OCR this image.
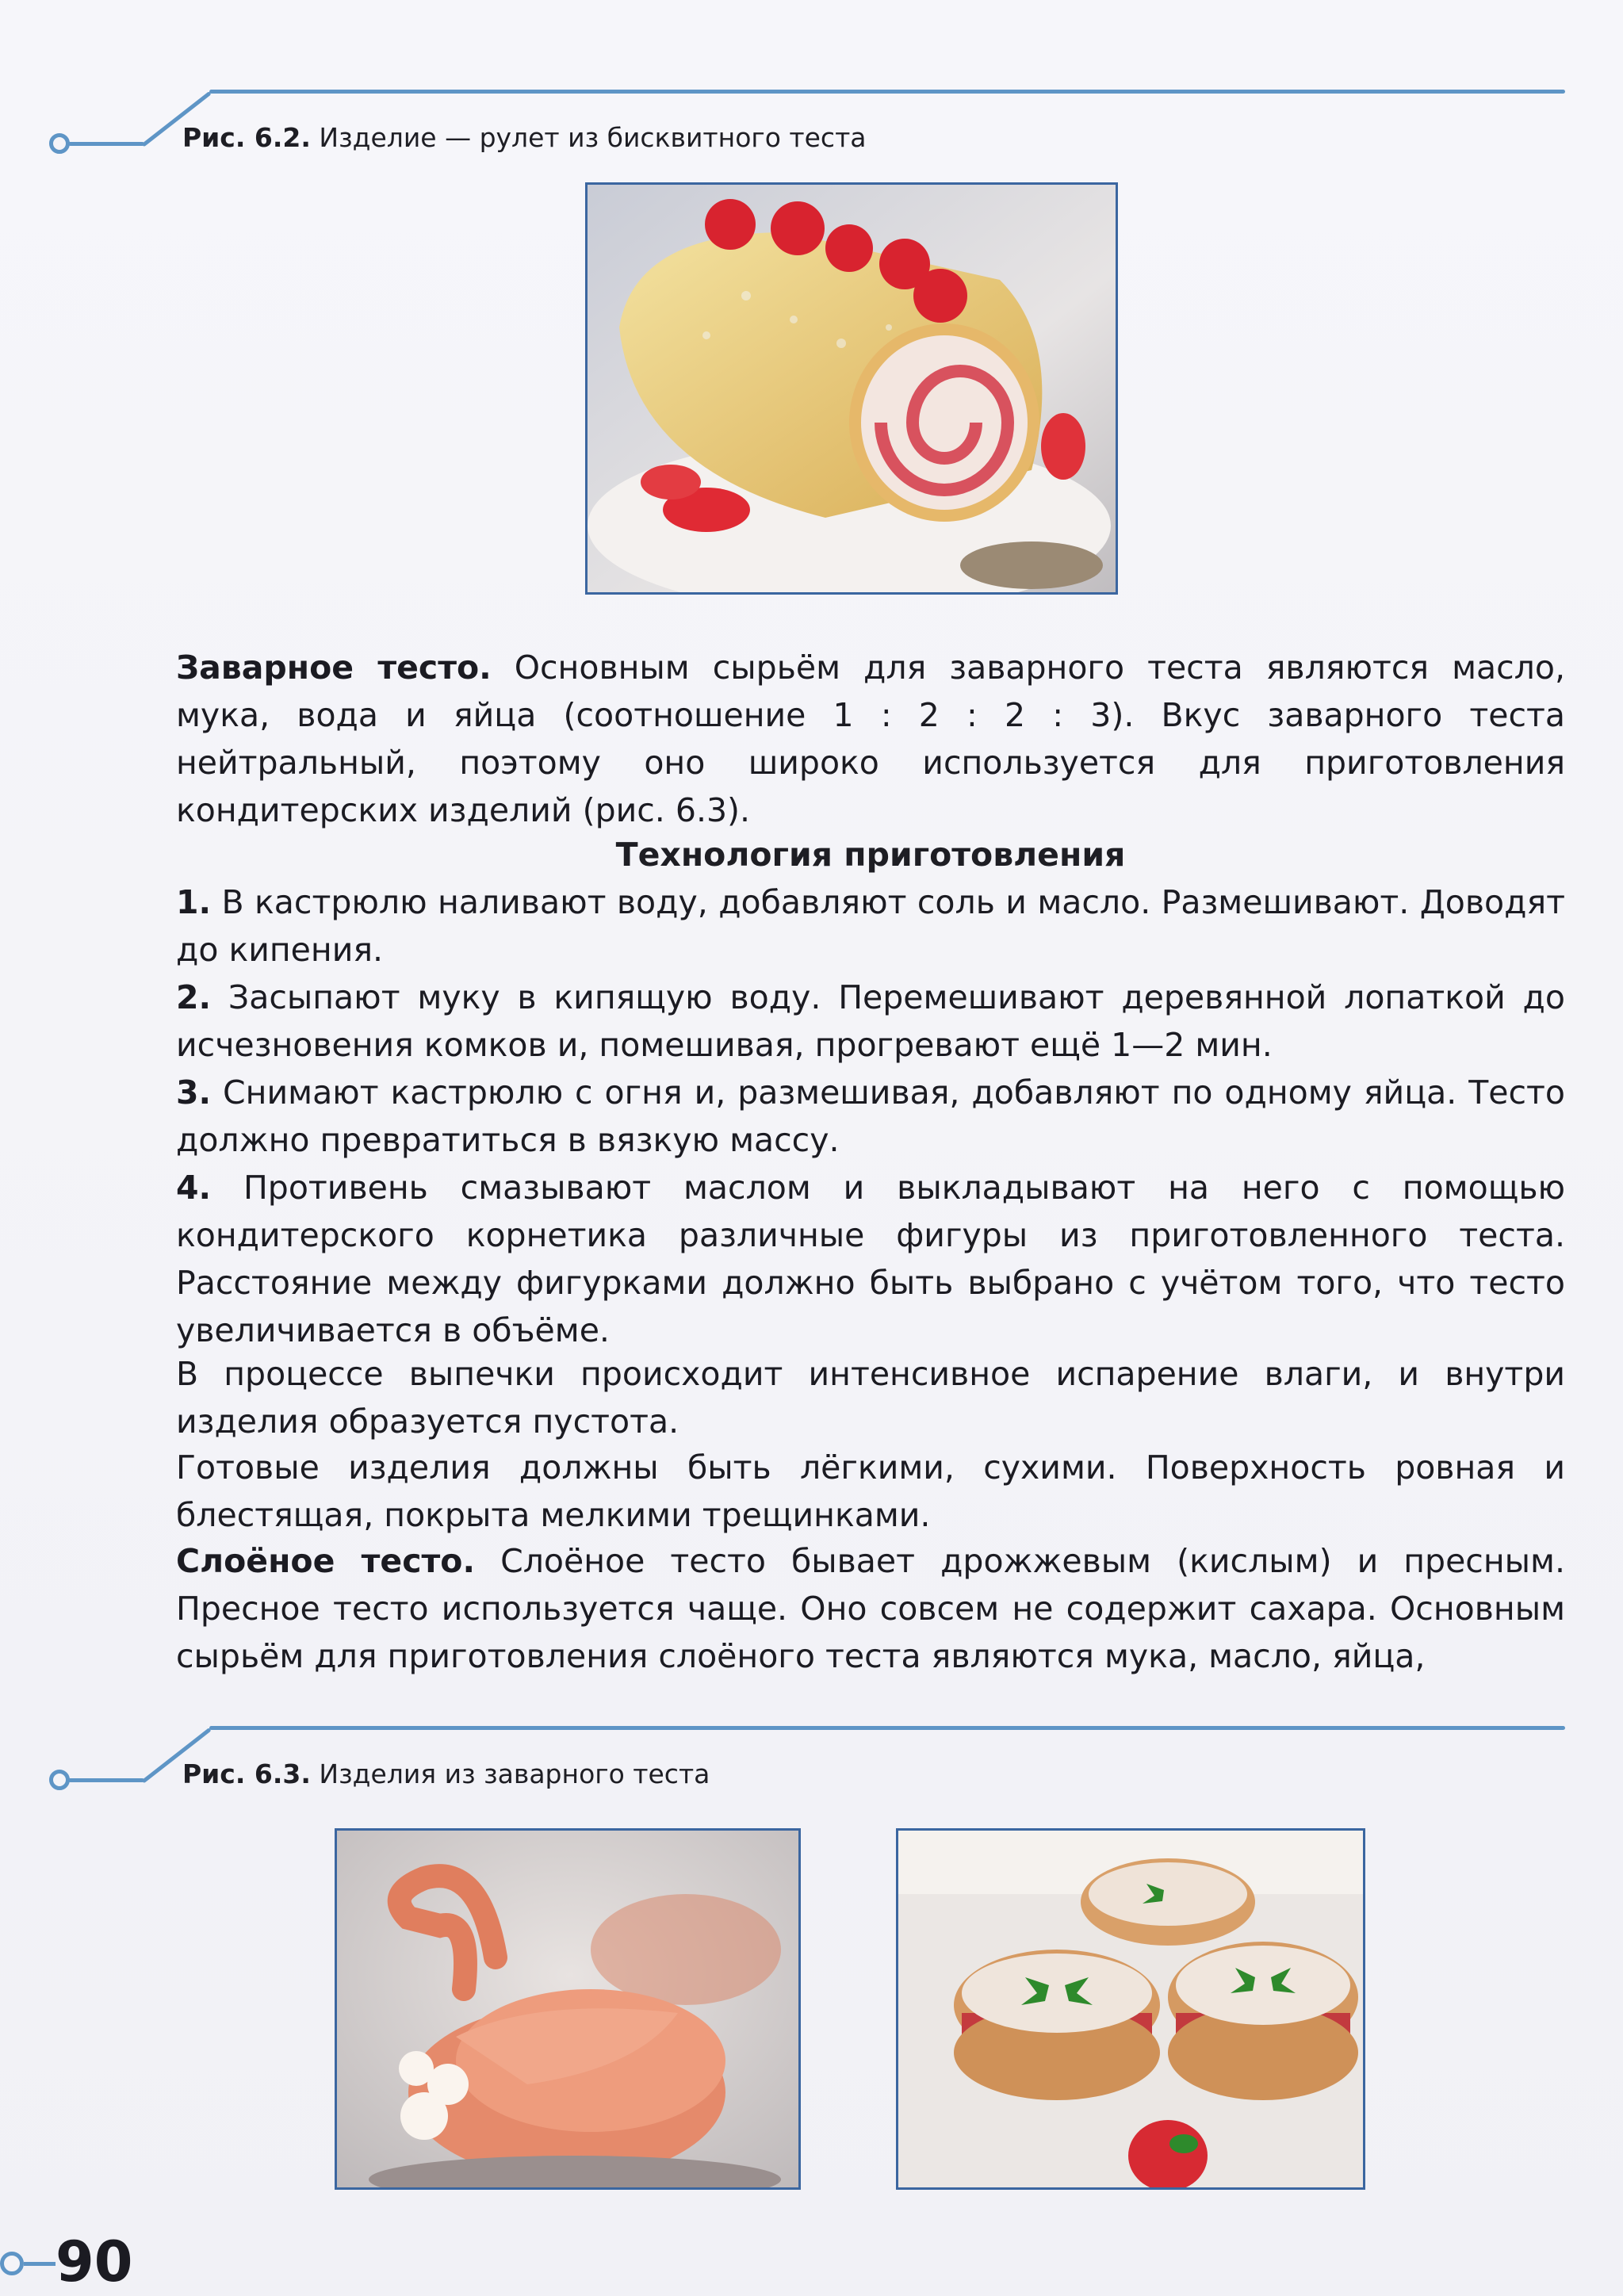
Рис. 6.2. Изделие — рулет из бисквитного теста
Заварное тесто. Основным сырьём для заварного теста являются масло, мука, вода и яйца (соотношение 1 : 2 : 2 : 3). Вкус заварного теста нейтральный, поэтому оно широко используется для приготовления кондитерских изделий (рис. 6.3).
Технология приготовления
1. В кастрюлю наливают воду, добавляют соль и масло. Размешивают. Доводят до кипения.
2. Засыпают муку в кипящую воду. Перемешивают деревянной лопаткой до исчезновения комков и, помешивая, прогревают ещё 1—2 мин.
3. Снимают кастрюлю с огня и, размешивая, добавляют по одному яйца. Тесто должно превратиться в вязкую массу.
4. Противень смазывают маслом и выкладывают на него с помощью кондитерского корнетика различные фигуры из приготовленного теста. Расстояние между фигурками должно быть выбрано с учётом того, что тесто увеличивается в объёме.
В процессе выпечки происходит интенсивное испарение влаги, и внутри изделия образуется пустота.
Готовые изделия должны быть лёгкими, сухими. Поверхность ровная и блестящая, покрыта мелкими трещинками.
Слоёное тесто. Слоёное тесто бывает дрожжевым (кислым) и пресным. Пресное тесто используется чаще. Оно совсем не содержит сахара. Основным сырьём для приготовления слоёного теста являются мука, масло, яйца,
Рис. 6.3. Изделия из заварного теста
90
